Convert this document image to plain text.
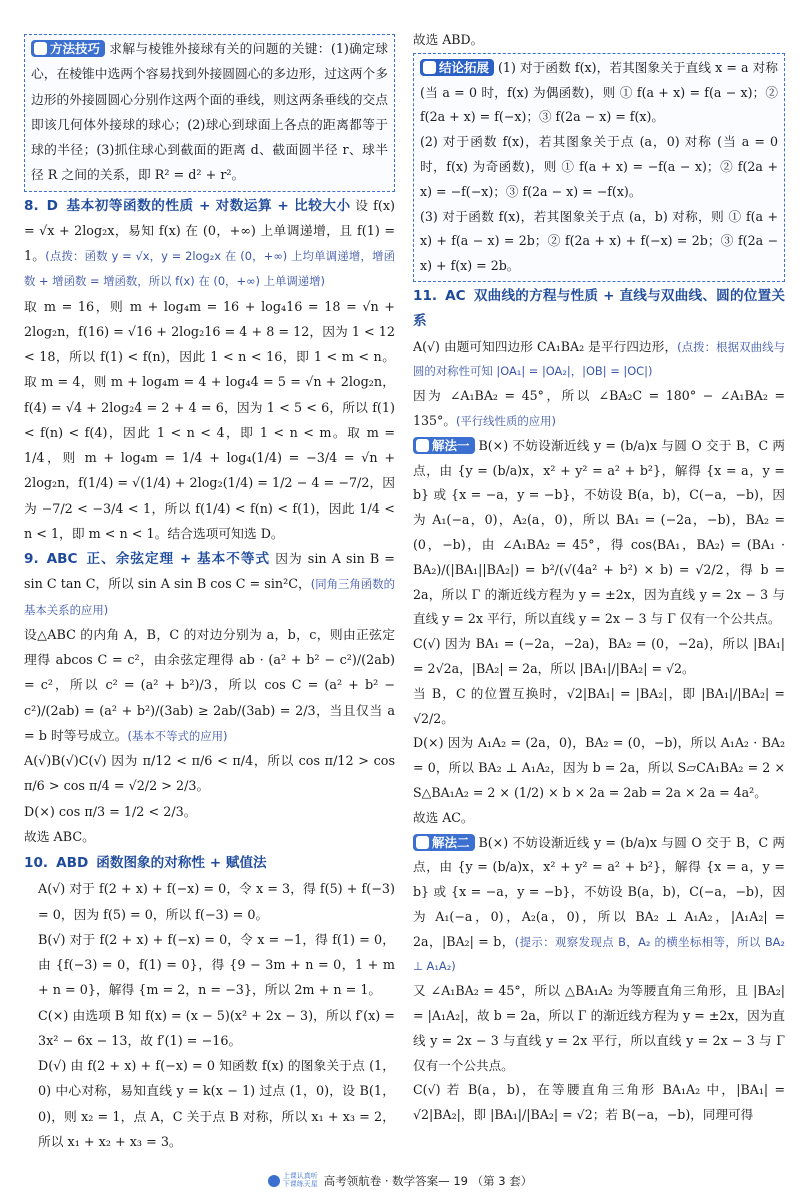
方法技巧 求解与棱锥外接球有关的问题的关键：(1)确定球心，在棱锥中选两个容易找到外接圆圆心的多边形，过这两个多边形的外接圆圆心分别作这两个面的垂线，则这两条垂线的交点即该几何体外接球的球心；(2)球心到球面上各点的距离都等于球的半径；(3)抓住球心到截面的距离 d、截面圆半径 r、球半径 R 之间的关系，即 R² = d² + r²。

8. D 基本初等函数的性质 + 对数运算 + 比较大小 设 f(x) = √x + 2log₂x，易知 f(x) 在 (0，+∞) 上单调递增，且 f(1) = 1。(点拨：函数 y = √x，y = 2log₂x 在 (0，+∞) 上均单调递增，增函数 + 增函数 = 增函数，所以 f(x) 在 (0，+∞) 上单调递增)

取 m = 16，则 m + log₄m = 16 + log₄16 = 18 = √n + 2log₂n，f(16) = √16 + 2log₂16 = 4 + 8 = 12，因为 1 < 12 < 18，所以 f(1) < f(n)，因此 1 < n < 16，即 1 < m < n。取 m = 4，则 m + log₄m = 4 + log₄4 = 5 = √n + 2log₂n，f(4) = √4 + 2log₂4 = 2 + 4 = 6，因为 1 < 5 < 6，所以 f(1) < f(n) < f(4)，因此 1 < n < 4，即 1 < n < m。取 m = 1/4，则 m + log₄m = 1/4 + log₄(1/4) = −3/4 = √n + 2log₂n，f(1/4) = √(1/4) + 2log₂(1/4) = 1/2 − 4 = −7/2，因为 −7/2 < −3/4 < 1，所以 f(1/4) < f(n) < f(1)，因此 1/4 < n < 1，即 m < n < 1。结合选项可知选 D。

9. ABC 正、余弦定理 + 基本不等式 因为 sin A sin B = sin C tan C，所以 sin A sin B cos C = sin²C，(同角三角函数的基本关系的应用)

设△ABC 的内角 A，B，C 的对边分别为 a，b，c，则由正弦定理得 abcos C = c²，由余弦定理得 ab · (a² + b² − c²)/(2ab) = c²，所以 c² = (a² + b²)/3，所以 cos C = (a² + b² − c²)/(2ab) = (a² + b²)/(3ab) ≥ 2ab/(3ab) = 2/3，当且仅当 a = b 时等号成立。(基本不等式的应用)

A(√)B(√)C(√) 因为 π/12 < π/6 < π/4，所以 cos π/12 > cos π/6 > cos π/4 = √2/2 > 2/3。

D(×) cos π/3 = 1/2 < 2/3。

故选 ABC。

10. ABD 函数图象的对称性 + 赋值法

A(√) 对于 f(2 + x) + f(−x) = 0，令 x = 3，得 f(5) + f(−3) = 0，因为 f(5) = 0，所以 f(−3) = 0。

B(√) 对于 f(2 + x) + f(−x) = 0，令 x = −1，得 f(1) = 0，由 {f(−3) = 0，f(1) = 0}，得 {9 − 3m + n = 0，1 + m + n = 0}，解得 {m = 2，n = −3}，所以 2m + n = 1。

C(×) 由选项 B 知 f(x) = (x − 5)(x² + 2x − 3)，所以 f′(x) = 3x² − 6x − 13，故 f′(1) = −16。

D(√) 由 f(2 + x) + f(−x) = 0 知函数 f(x) 的图象关于点 (1，0) 中心对称，易知直线 y = k(x − 1) 过点 (1，0)，设 B(1，0)，则 x₂ = 1，点 A，C 关于点 B 对称，所以 x₁ + x₃ = 2，所以 x₁ + x₂ + x₃ = 3。

故选 ABD。

结论拓展 (1) 对于函数 f(x)，若其图象关于直线 x = a 对称 (当 a = 0 时，f(x) 为偶函数)，则 ① f(a + x) = f(a − x)；② f(2a + x) = f(−x)；③ f(2a − x) = f(x)。

(2) 对于函数 f(x)，若其图象关于点 (a，0) 对称 (当 a = 0 时，f(x) 为奇函数)，则 ① f(a + x) = −f(a − x)；② f(2a + x) = −f(−x)；③ f(2a − x) = −f(x)。

(3) 对于函数 f(x)，若其图象关于点 (a，b) 对称，则 ① f(a + x) + f(a − x) = 2b；② f(2a + x) + f(−x) = 2b；③ f(2a − x) + f(x) = 2b。

11. AC 双曲线的方程与性质 + 直线与双曲线、圆的位置关系

A(√) 由题可知四边形 CA₁BA₂ 是平行四边形，(点拨：根据双曲线与圆的对称性可知 |OA₁| = |OA₂|，|OB| = |OC|)

因为 ∠A₁BA₂ = 45°，所以 ∠BA₂C = 180° − ∠A₁BA₂ = 135°。(平行线性质的应用)

解法一 B(×) 不妨设渐近线 y = (b/a)x 与圆 O 交于 B，C 两点，由 {y = (b/a)x，x² + y² = a² + b²}，解得 {x = a，y = b} 或 {x = −a，y = −b}，不妨设 B(a，b)，C(−a，−b)，因为 A₁(−a，0)，A₂(a，0)，所以 BA₁ = (−2a，−b)，BA₂ = (0，−b)，由 ∠A₁BA₂ = 45°，得 cos⟨BA₁，BA₂⟩ = (BA₁ · BA₂)/(|BA₁||BA₂|) = b²/(√(4a² + b²) × b) = √2/2，得 b = 2a，所以 Γ 的渐近线方程为 y = ±2x，因为直线 y = 2x − 3 与直线 y = 2x 平行，所以直线 y = 2x − 3 与 Γ 仅有一个公共点。

C(√) 因为 BA₁ = (−2a，−2a)，BA₂ = (0，−2a)，所以 |BA₁| = 2√2a，|BA₂| = 2a，所以 |BA₁|/|BA₂| = √2。

当 B，C 的位置互换时，√2|BA₁| = |BA₂|，即 |BA₁|/|BA₂| = √2/2。

D(×) 因为 A₁A₂ = (2a，0)，BA₂ = (0，−b)，所以 A₁A₂ · BA₂ = 0，所以 BA₂ ⊥ A₁A₂，因为 b = 2a，所以 S▱CA₁BA₂ = 2 × S△BA₁A₂ = 2 × (1/2) × b × 2a = 2ab = 2a × 2a = 4a²。

故选 AC。

解法二 B(×) 不妨设渐近线 y = (b/a)x 与圆 O 交于 B，C 两点，由 {y = (b/a)x，x² + y² = a² + b²}，解得 {x = a，y = b} 或 {x = −a，y = −b}，不妨设 B(a，b)，C(−a，−b)，因为 A₁(−a，0)，A₂(a，0)，所以 BA₂ ⊥ A₁A₂，|A₁A₂| = 2a，|BA₂| = b，(提示：观察发现点 B，A₂ 的横坐标相等，所以 BA₂ ⊥ A₁A₂)

又 ∠A₁BA₂ = 45°，所以 △BA₁A₂ 为等腰直角三角形，且 |BA₂| = |A₁A₂|，故 b = 2a，所以 Γ 的渐近线方程为 y = ±2x，因为直线 y = 2x − 3 与直线 y = 2x 平行，所以直线 y = 2x − 3 与 Γ 仅有一个公共点。

C(√) 若 B(a，b)，在等腰直角三角形 BA₁A₂ 中，|BA₁| = √2|BA₂|，即 |BA₁|/|BA₂| = √2；若 B(−a，−b)，同理可得

上课认真听
下课练天星 高考领航卷 · 数学答案— 19 （第 3 套）
